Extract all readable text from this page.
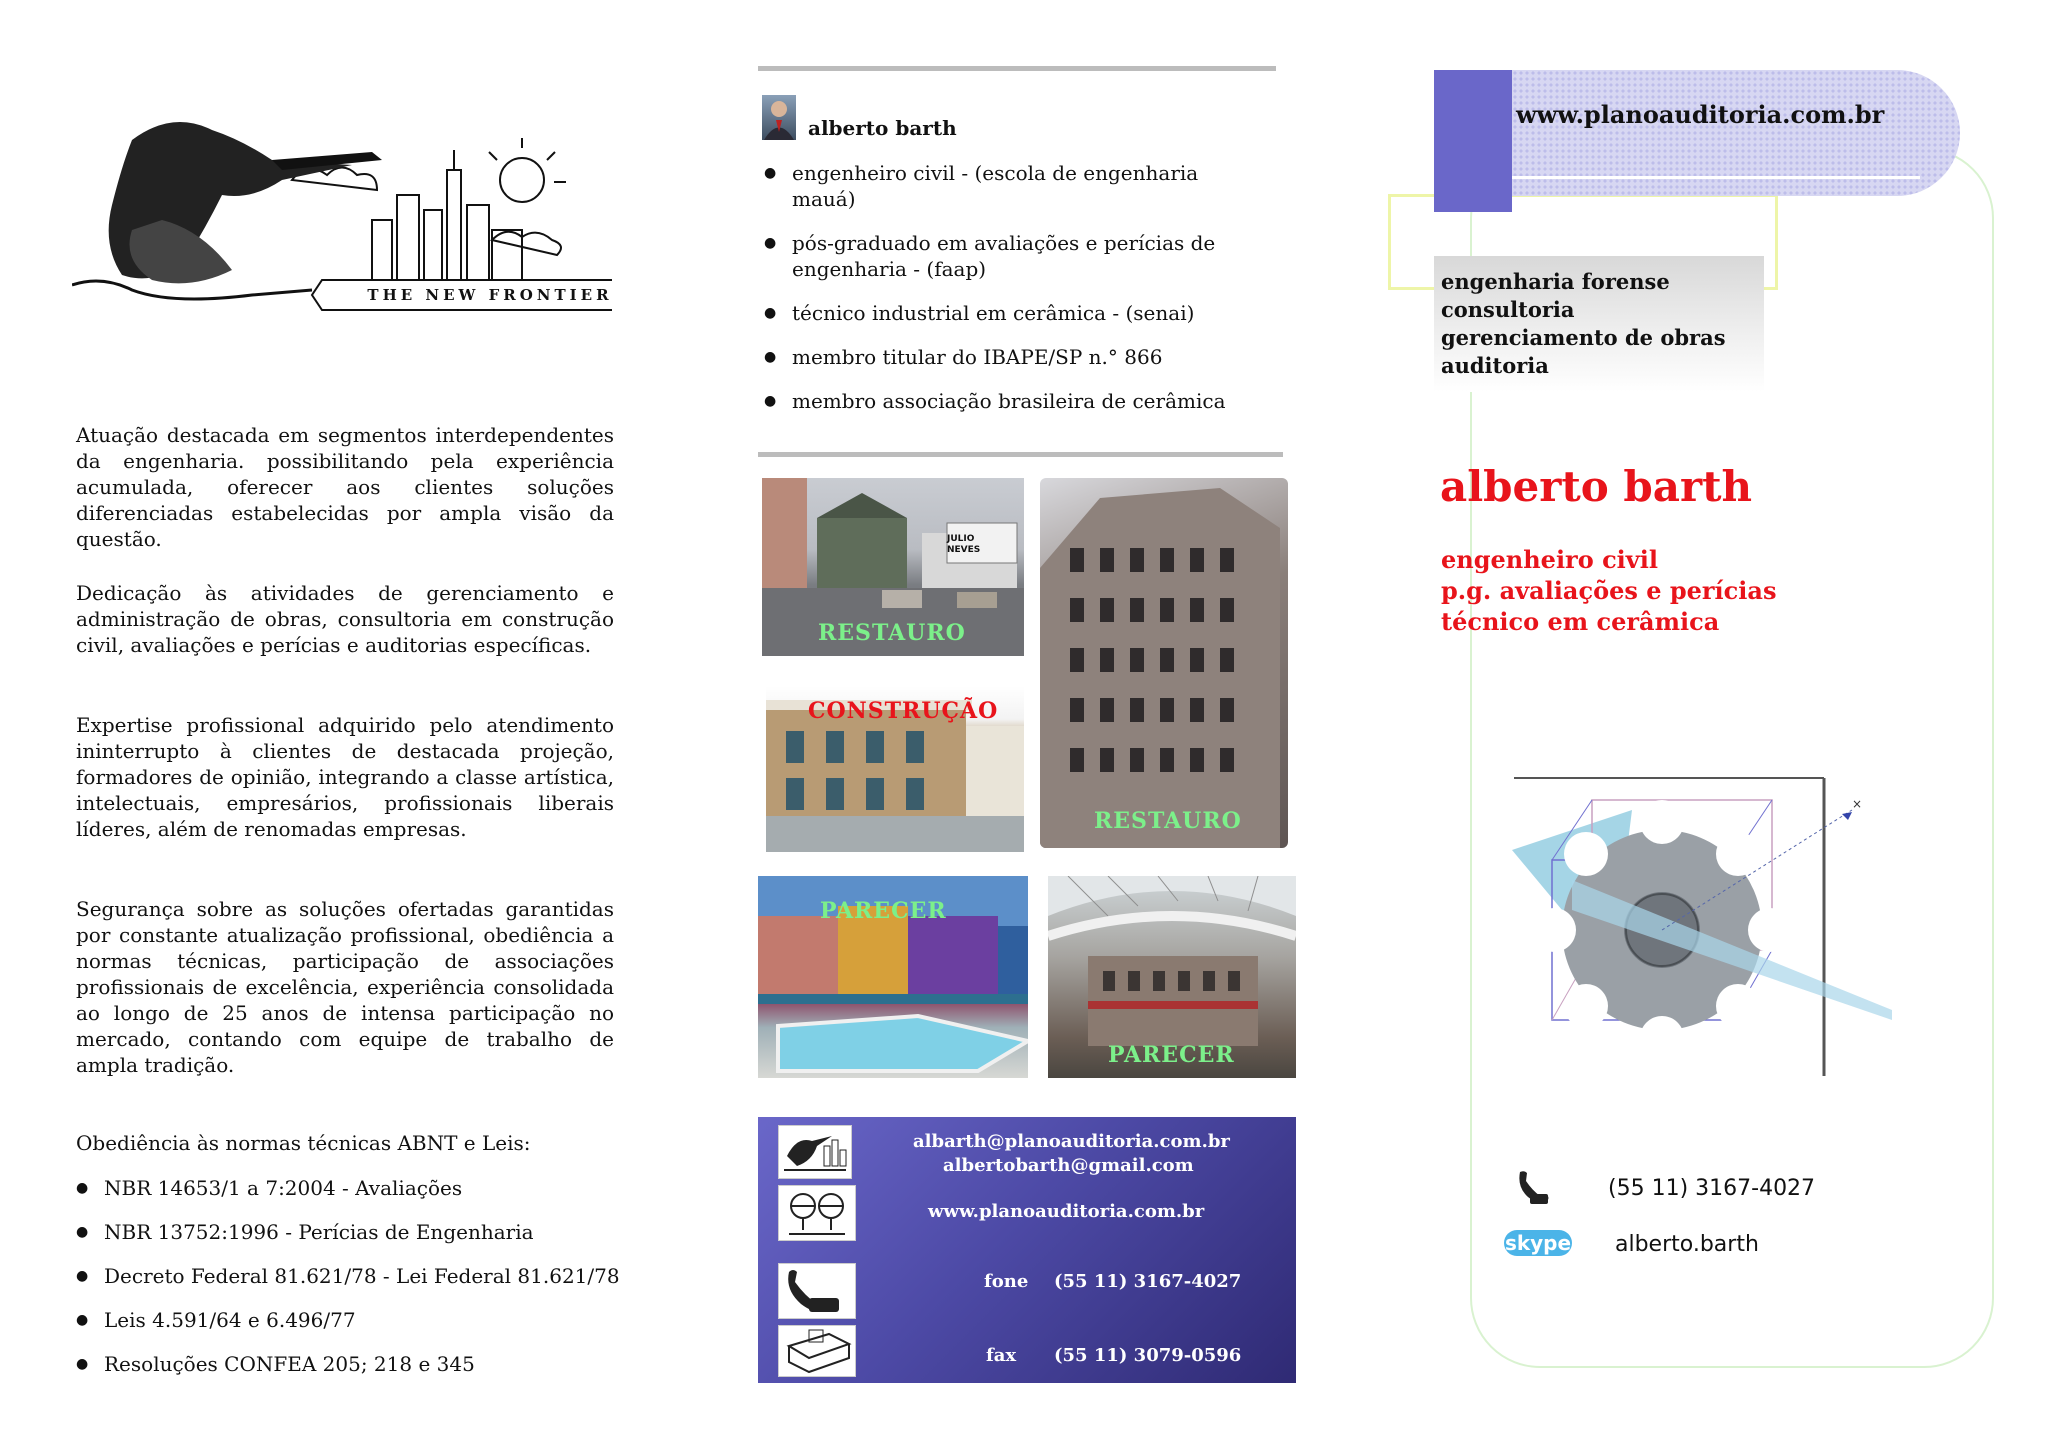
THE NEW FRONTIER
Atuação destacada em segmentos interdependentes da engenharia. possibilitando pela experiência acumulada, oferecer aos clientes soluções diferenciadas estabelecidas por ampla visão da questão.
Dedicação às atividades de gerenciamento e administração de obras, consultoria em construção civil, avaliações e perícias e auditorias específicas.
Expertise profissional adquirido pelo atendimento ininterrupto à clientes de destacada projeção, formadores de opinião, integrando a classe artística, intelectuais, empresários, profissionais liberais líderes, além de renomadas empresas.
Segurança sobre as soluções ofertadas garantidas por constante atualização profissional, obediência a normas técnicas, participação de associações profissionais de excelência, experiência consolidada ao longo de 25 anos de intensa participação no mercado, contando com equipe de trabalho de ampla tradição.
Obediência às normas técnicas ABNT e Leis:
● NBR 14653/1 a 7:2004 - Avaliações
● NBR 13752:1996 - Perícias de Engenharia
● Decreto Federal 81.621/78 - Lei Federal 81.621/78
● Leis 4.591/64 e 6.496/77
● Resoluções CONFEA 205; 218 e 345
alberto barth
● engenheiro civil - (escola de engenharia mauá)
● pós-graduado em avaliações e perícias de engenharia - (faap)
● técnico industrial em cerâmica - (senai)
● membro titular do IBAPE/SP n.° 866
● membro associação brasileira de cerâmica
JULIO NEVES
RESTAURO
RESTAURO
CONSTRUÇÃO
PARECER
PARECER
albarth@planoauditoria.com.br
albertobarth@gmail.com
www.planoauditoria.com.br
fone (55 11) 3167-4027
fax (55 11) 3079-0596
www.planoauditoria.com.br
engenharia forense
consultoria
gerenciamento de obras
auditoria
alberto barth
engenheiro civil
p.g. avaliações e perícias
técnico em cerâmica
×
(55 11) 3167-4027
skype alberto.barth
